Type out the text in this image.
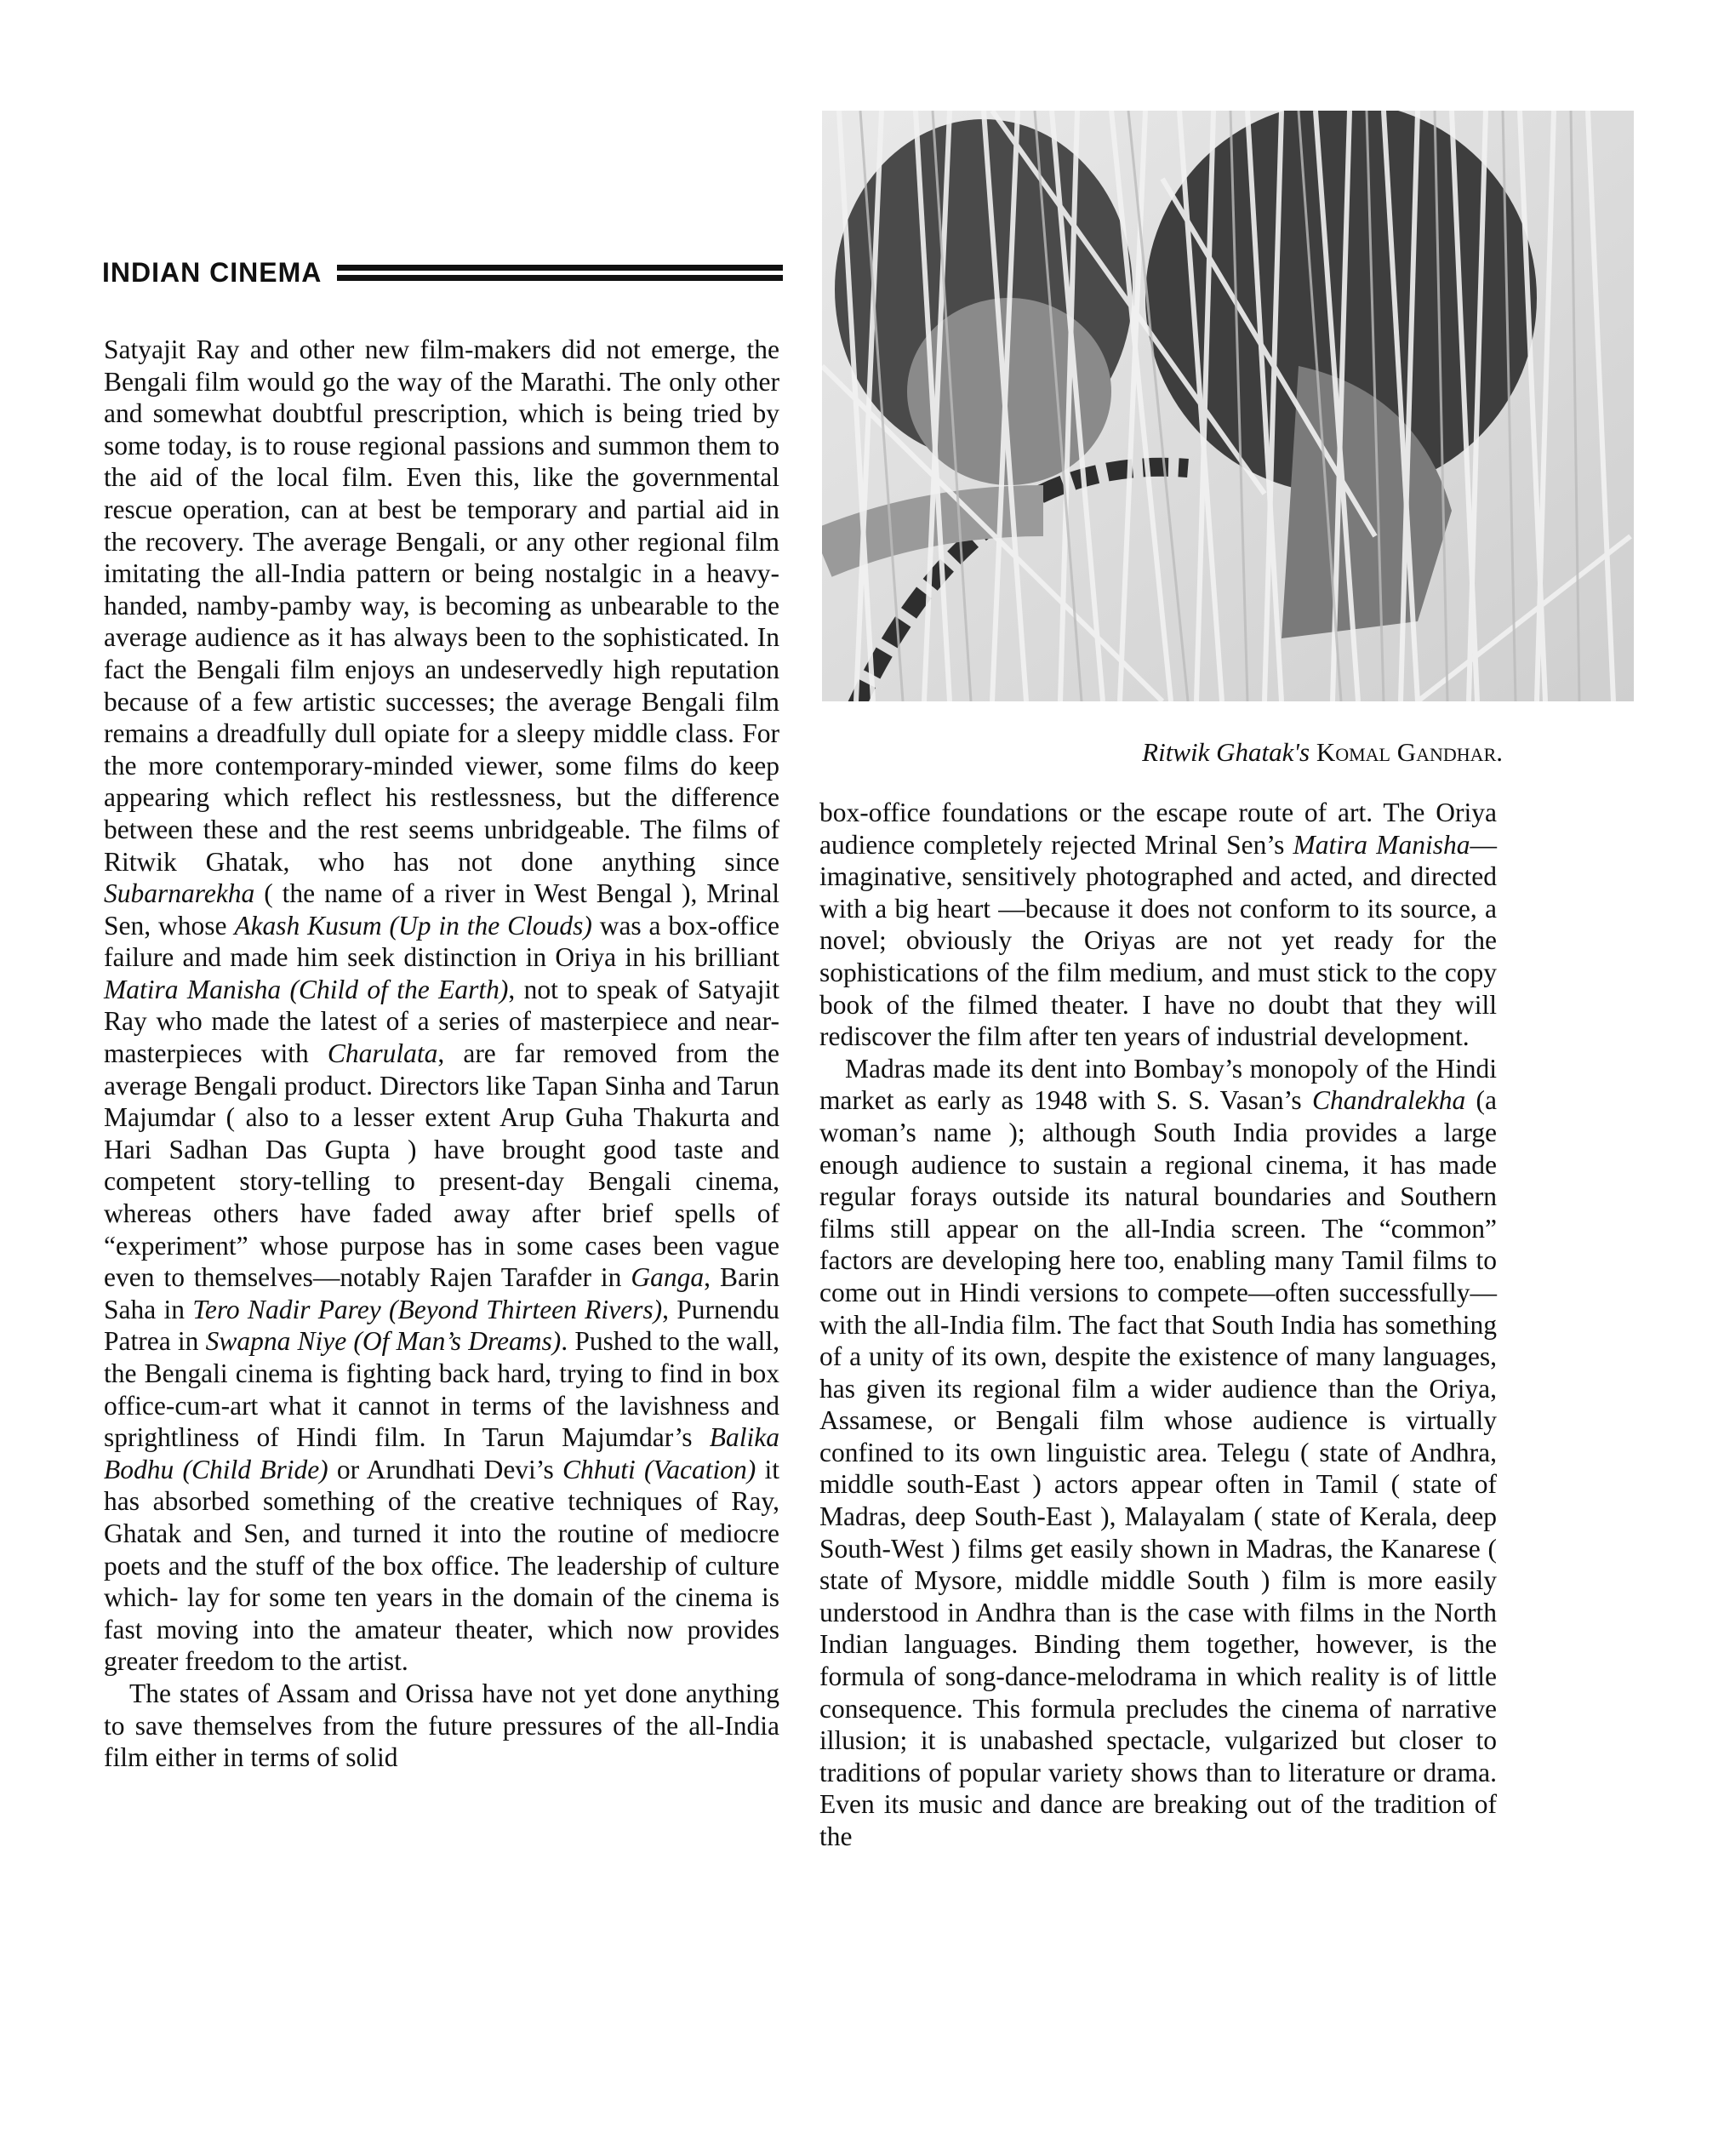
INDIAN CINEMA

Satyajit Ray and other new film-makers did not emerge, the Bengali film would go the way of the Marathi. The only other and somewhat doubtful prescription, which is being tried by some today, is to rouse regional passions and summon them to the aid of the local film. Even this, like the governmental rescue operation, can at best be temporary and partial aid in the recovery. The average Bengali, or any other regional film imitating the all-India pattern or being nostalgic in a heavy-handed, namby-pamby way, is becoming as unbearable to the average audience as it has always been to the sophisticated. In fact the Bengali film enjoys an undeservedly high reputation because of a few artistic successes; the average Bengali film remains a dreadfully dull opiate for a sleepy middle class. For the more contemporary-minded viewer, some films do keep appearing which reflect his restlessness, but the difference between these and the rest seems unbridgeable. The films of Ritwik Ghatak, who has not done anything since Subarnarekha ( the name of a river in West Bengal ), Mrinal Sen, whose Akash Kusum (Up in the Clouds) was a box-office failure and made him seek distinction in Oriya in his brilliant Matira Manisha (Child of the Earth), not to speak of Satyajit Ray who made the latest of a series of masterpiece and near-masterpieces with Charulata, are far removed from the average Bengali product. Directors like Tapan Sinha and Tarun Majumdar ( also to a lesser extent Arup Guha Thakurta and Hari Sadhan Das Gupta ) have brought good taste and competent story-telling to present-day Bengali cinema, whereas others have faded away after brief spells of “experiment” whose purpose has in some cases been vague even to themselves—notably Rajen Tarafder in Ganga, Barin Saha in Tero Nadir Parey (Beyond Thirteen Rivers), Purnendu Patrea in Swapna Niye (Of Man’s Dreams). Pushed to the wall, the Bengali cinema is fighting back hard, trying to find in box office-cum-art what it cannot in terms of the lavishness and sprightliness of Hindi film. In Tarun Majumdar’s Balika Bodhu (Child Bride) or Arundhati Devi’s Chhuti (Vacation) it has absorbed something of the creative techniques of Ray, Ghatak and Sen, and turned it into the routine of mediocre poets and the stuff of the box office. The leadership of culture which- lay for some ten years in the domain of the cinema is fast moving into the amateur theater, which now provides greater freedom to the artist.

The states of Assam and Orissa have not yet done anything to save themselves from the future pressures of the all-India film either in terms of solid

Ritwik Ghatak's Komal Gandhar.

box-office foundations or the escape route of art. The Oriya audience completely rejected Mrinal Sen’s Matira Manisha—imaginative, sensitively photographed and acted, and directed with a big heart —because it does not conform to its source, a novel; obviously the Oriyas are not yet ready for the sophistications of the film medium, and must stick to the copy book of the filmed theater. I have no doubt that they will rediscover the film after ten years of industrial development.

Madras made its dent into Bombay’s monopoly of the Hindi market as early as 1948 with S. S. Vasan’s Chandralekha (a woman’s name ); although South India provides a large enough audience to sustain a regional cinema, it has made regular forays outside its natural boundaries and Southern films still appear on the all-India screen. The “common” factors are developing here too, enabling many Tamil films to come out in Hindi versions to compete—often successfully—with the all-India film. The fact that South India has something of a unity of its own, despite the existence of many languages, has given its regional film a wider audience than the Oriya, Assamese, or Bengali film whose audience is virtually confined to its own linguistic area. Telegu ( state of Andhra, middle south-East ) actors appear often in Tamil ( state of Madras, deep South-East ), Malayalam ( state of Kerala, deep South-West ) films get easily shown in Madras, the Kanarese ( state of Mysore, middle middle South ) film is more easily understood in Andhra than is the case with films in the North Indian languages. Binding them together, however, is the formula of song-dance-melodrama in which reality is of little consequence. This formula precludes the cinema of narrative illusion; it is unabashed spectacle, vulgarized but closer to traditions of popular variety shows than to literature or drama. Even its music and dance are breaking out of the tradition of the
